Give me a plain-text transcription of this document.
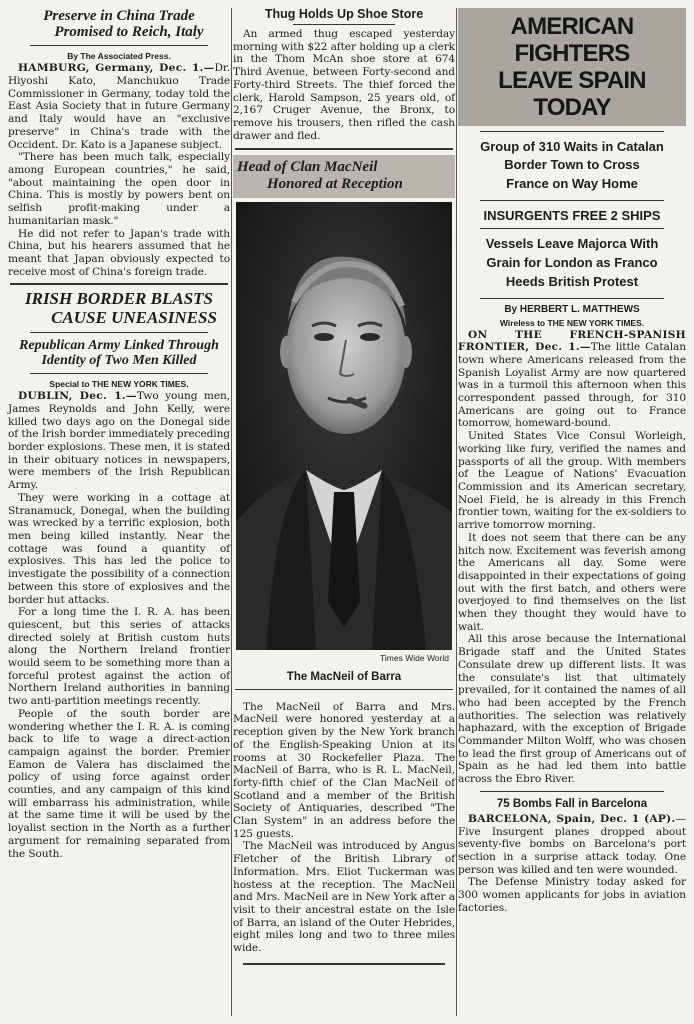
Preserve in China Trade
Promised to Reich, Italy
By The Associated Press.

HAMBURG, Germany, Dec. 1.—Dr. Hiyoshi Kato, Manchukuo Trade Commissioner in Germany, today told the East Asia Society that in future Germany and Italy would have an "exclusive preserve" in China's trade with the Occident. Dr. Kato is a Japanese subject.

"There has been much talk, especially among European countries," he said, "about maintaining the open door in China. This is mostly by powers bent on selfish profit-making under a humanitarian mask."

He did not refer to Japan's trade with China, but his hearers assumed that he meant that Japan obviously expected to receive most of China's foreign trade.

IRISH BORDER BLASTS
CAUSE UNEASINESS
Republican Army Linked Through
Identity of Two Men Killed
Special to THE NEW YORK TIMES.

DUBLIN, Dec. 1.—Two young men, James Reynolds and John Kelly, were killed two days ago on the Donegal side of the Irish border immediately preceding border explosions. These men, it is stated in their obituary notices in newspapers, were members of the Irish Republican Army.

They were working in a cottage at Stranamuck, Donegal, when the building was wrecked by a terrific explosion, both men being killed instantly. Near the cottage was found a quantity of explosives. This has led the police to investigate the possibility of a connection between this store of explosives and the border hut attacks.

For a long time the I. R. A. has been quiescent, but this series of attacks directed solely at British custom huts along the Northern Ireland frontier would seem to be something more than a forceful protest against the action of Northern Ireland authorities in banning two anti-partition meetings recently.

People of the south border are wondering whether the I. R. A. is coming back to life to wage a direct-action campaign against the border. Premier Eamon de Valera has disclaimed the policy of using force against order counties, and any campaign of this kind will embarrass his administration, while at the same time it will be used by the loyalist section in the North as a further argument for remaining separated from the South.

Thug Holds Up Shoe Store

An armed thug escaped yesterday morning with $22 after holding up a clerk in the Thom McAn shoe store at 674 Third Avenue, between Forty-second and Forty-third Streets. The thief forced the clerk, Harold Sampson, 25 years old, of 2,167 Cruger Avenue, the Bronx, to remove his trousers, then rifled the cash drawer and fled.

Head of Clan MacNeil
Honored at Reception
Times Wide World
The MacNeil of Barra

The MacNeil of Barra and Mrs. MacNeil were honored yesterday at a reception given by the New York branch of the English-Speaking Union at its rooms at 30 Rockefeller Plaza. The MacNeil of Barra, who is R. L. MacNeil, forty-fifth chief of the Clan MacNeil of Scotland and a member of the British Society of Antiquaries, described "The Clan System" in an address before the 125 guests.

The MacNeil was introduced by Angus Fletcher of the British Library of Information. Mrs. Eliot Tuckerman was hostess at the reception. The MacNeil and Mrs. MacNeil are in New York after a visit to their ancestral estate on the Isle of Barra, an island of the Outer Hebrides, eight miles long and two to three miles wide.

AMERICAN FIGHTERS
LEAVE SPAIN TODAY
Group of 310 Waits in Catalan
Border Town to Cross
France on Way Home
INSURGENTS FREE 2 SHIPS
Vessels Leave Majorca With
Grain for London as Franco
Heeds British Protest
By HERBERT L. MATTHEWS
Wireless to THE NEW YORK TIMES.

ON THE FRENCH-SPANISH FRONTIER, Dec. 1.—The little Catalan town where Americans released from the Spanish Loyalist Army are now quartered was in a turmoil this afternoon when this correspondent passed through, for 310 Americans are going out to France tomorrow, homeward-bound.

United States Vice Consul Worleigh, working like fury, verified the names and passports of all the group. With members of the League of Nations' Evacuation Commission and its American secretary, Noel Field, he is already in this French frontier town, waiting for the ex-soldiers to arrive tomorrow morning.

It does not seem that there can be any hitch now. Excitement was feverish among the Americans all day. Some were disappointed in their expectations of going out with the first batch, and others were overjoyed to find themselves on the list when they thought they would have to wait.

All this arose because the International Brigade staff and the United States Consulate drew up different lists. It was the consulate's list that ultimately prevailed, for it contained the names of all who had been accepted by the French authorities. The selection was relatively haphazard, with the exception of Brigade Commander Milton Wolff, who was chosen to lead the first group of Americans out of Spain as he had led them into battle across the Ebro River.

75 Bombs Fall in Barcelona

BARCELONA, Spain, Dec. 1 (AP).—Five Insurgent planes dropped about seventy-five bombs on Barcelona's port section in a surprise attack today. One person was killed and ten were wounded.

The Defense Ministry today asked for 300 women applicants for jobs in aviation factories.
